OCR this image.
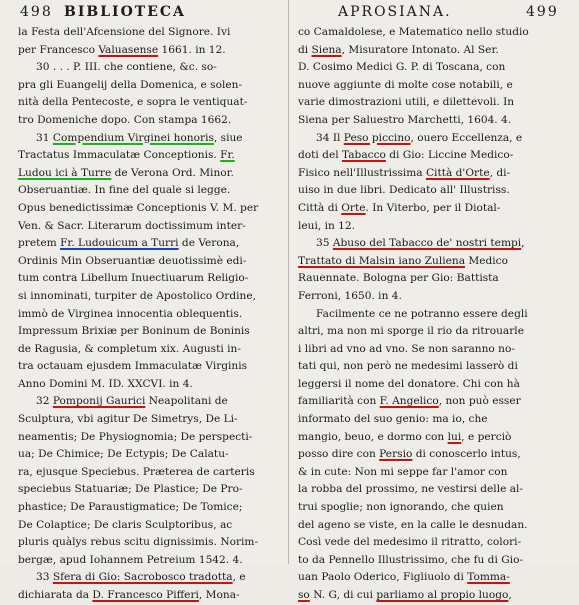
498 BIBLIOTECA	APROSIANA.	499
la Festa dell'Afcensione del Signore. Ivi
per Francesco Valuasense 1661. in 12.
30 . . . P. III. che contiene, &c. so-
pra gli Euangelij della Domenica, e solen-
nità della Pentecoste, e sopra le ventiquat-
tro Domeniche dopo. Con stampa 1662.
31 Compendium Virginei honoris, siue
Tractatus Immaculatæ Conceptionis. Fr.
Ludou ici à Turre de Verona Ord. Minor.
Obseruantiæ. In fine del quale si legge.
Opus benedictissimæ Conceptionis V. M. per
Ven. & Sacr. Literarum doctissimum inter-
pretem Fr. Ludouicum a Turri de Verona,
Ordinis Min Obseruantiæ deuotissimè edi-
tum contra Libellum Inuectiuarum Religio-
si innominati, turpiter de Apostolico Ordine,
immò de Virginea innocentia oblequentis.
Impressum Brixiæ per Boninum de Boninis
de Ragusia, & completum xix. Augusti in-
tra octauam ejusdem Immaculatæ Virginis
Anno Domini M. ID. XXCVI. in 4.
32 Pomponij Gaurici Neapolitani de
Sculptura, vbi agitur De Simetrys, De Li-
neamentis; De Physiognomia; De perspecti-
ua; De Chimice; De Ectypis; De Calatu-
ra, ejusque Speciebus. Præterea de carteris
speciebus Statuariæ; De Plastice; De Pro-
phastice; De Paraustigmatice; De Tomice;
De Colaptice; De claris Sculptoribus, ac
pluris quàlys rebus scitu dignissimis. Norim-
bergæ, apud Iohannem Petreium 1542. 4.
33 Sfera di Gio: Sacrobosco tradotta, e
dichiarata da D. Francesco Pifferi, Mona-
co Camaldolese, e Matematico nello studio
di Siena, Misuratore Intonato. Al Ser.
D. Cosimo Medici G. P. di Toscana, con
nuove aggiunte di molte cose notabili, e
varie dimostrazioni utili, e dilettevoli. In
Siena per Saluestro Marchetti, 1604. 4.
34 Il Peso piccino, ouero Eccellenza, e
doti del Tabacco di Gio: Liccine Medico-
Fisico nell'Illustrissima Città d'Orte, di-
uiso in due libri. Dedicato all' Illustriss.
Città di Orte. In Viterbo, per il Diotal-
leui, in 12.
35 Abuso del Tabacco de' nostri tempi,
Trattato di Malsin iano Zuliena Medico
Rauennate. Bologna per Gio: Battista
Ferroni, 1650. in 4.
Facilmente ce ne potranno essere degli
altri, ma non mi sporge il rio da ritrouarle
i libri ad vno ad vno. Se non saranno no-
tati qui, non però ne medesimi lasserò di
leggersi il nome del donatore. Chi con hà
familiarità con F. Angelico, non può esser
informato del suo genio: ma io, che
mangio, beuo, e dormo con lui, e perciò
posso dire con Persio di conoscerlo intus,
& in cute: Non mi seppe far l'amor con
la robba del prossimo, ne vestirsi delle al-
trui spoglie; non ignorando, che quien
del ageno se viste, en la calle le desnudan.
Così vede del medesimo il ritratto, colori-
to da Pennello Illustrissimo, che fu di Gio-
uan Paolo Oderico, Figliuolo di Tomma-
so N. G, di cui parliamo al propio luogo,
